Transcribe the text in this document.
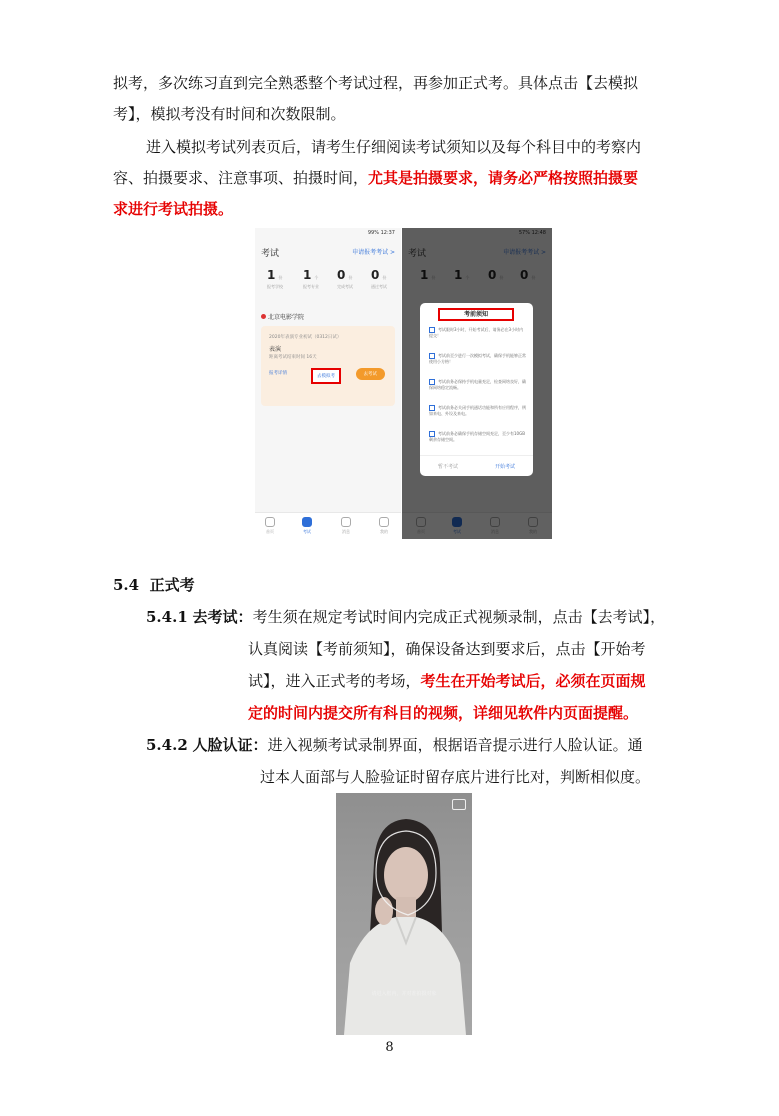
拟考，多次练习直到完全熟悉整个考试过程，再参加正式考。具体点击【去模拟
考】，模拟考没有时间和次数限制。
进入模拟考试列表页后，请考生仔细阅读考试须知以及每个科目中的考察内
容、拍摄要求、注意事项、拍摄时间，尤其是拍摄要求，请务必严格按照拍摄要
求进行考试拍摄。
99% 12:37
考试	申请报考考试 >
1 份
报考学校
1 个
报考专业
0 份
完成考试
0 份
通过考试
北京电影学院
2020年表演专业初试（0312日试）
表演
距离考试结束时间 16天
报考详情
去模拟考	去考试
首页	考试	消息	我的
考前须知
考试限时3小时，开始考试后，请务必在3小时内提交！
考试前至少进行一次模拟考试，确保手机能够正常使用小方格！
考试前务必保持手机电量充足，检查网络良好，确保网络稳定流畅。
考试前务必关闭手机通话功能和所有应用程序，例如来电、外设及来电。
考试前务必确保手机存储空间充足，至少有10GB剩余存储空间。
暂不考试	开始考试
5.4 正式考
5.4.1 去考试：考生须在规定考试时间内完成正式视频录制，点击【去考试】，
认真阅读【考前须知】，确保设备达到要求后，点击【开始考
试】，进入正式考的考场，考生在开始考试后，必须在页面规
定的时间内提交所有科目的视频，详细见软件内页面提醒。
5.4.2 人脸认证：进入视频考试录制界面，根据语音提示进行人脸认证。通
过本人面部与人脸验证时留存底片进行比对，判断相似度。
请进入框内，并对准拍摄对象
8
